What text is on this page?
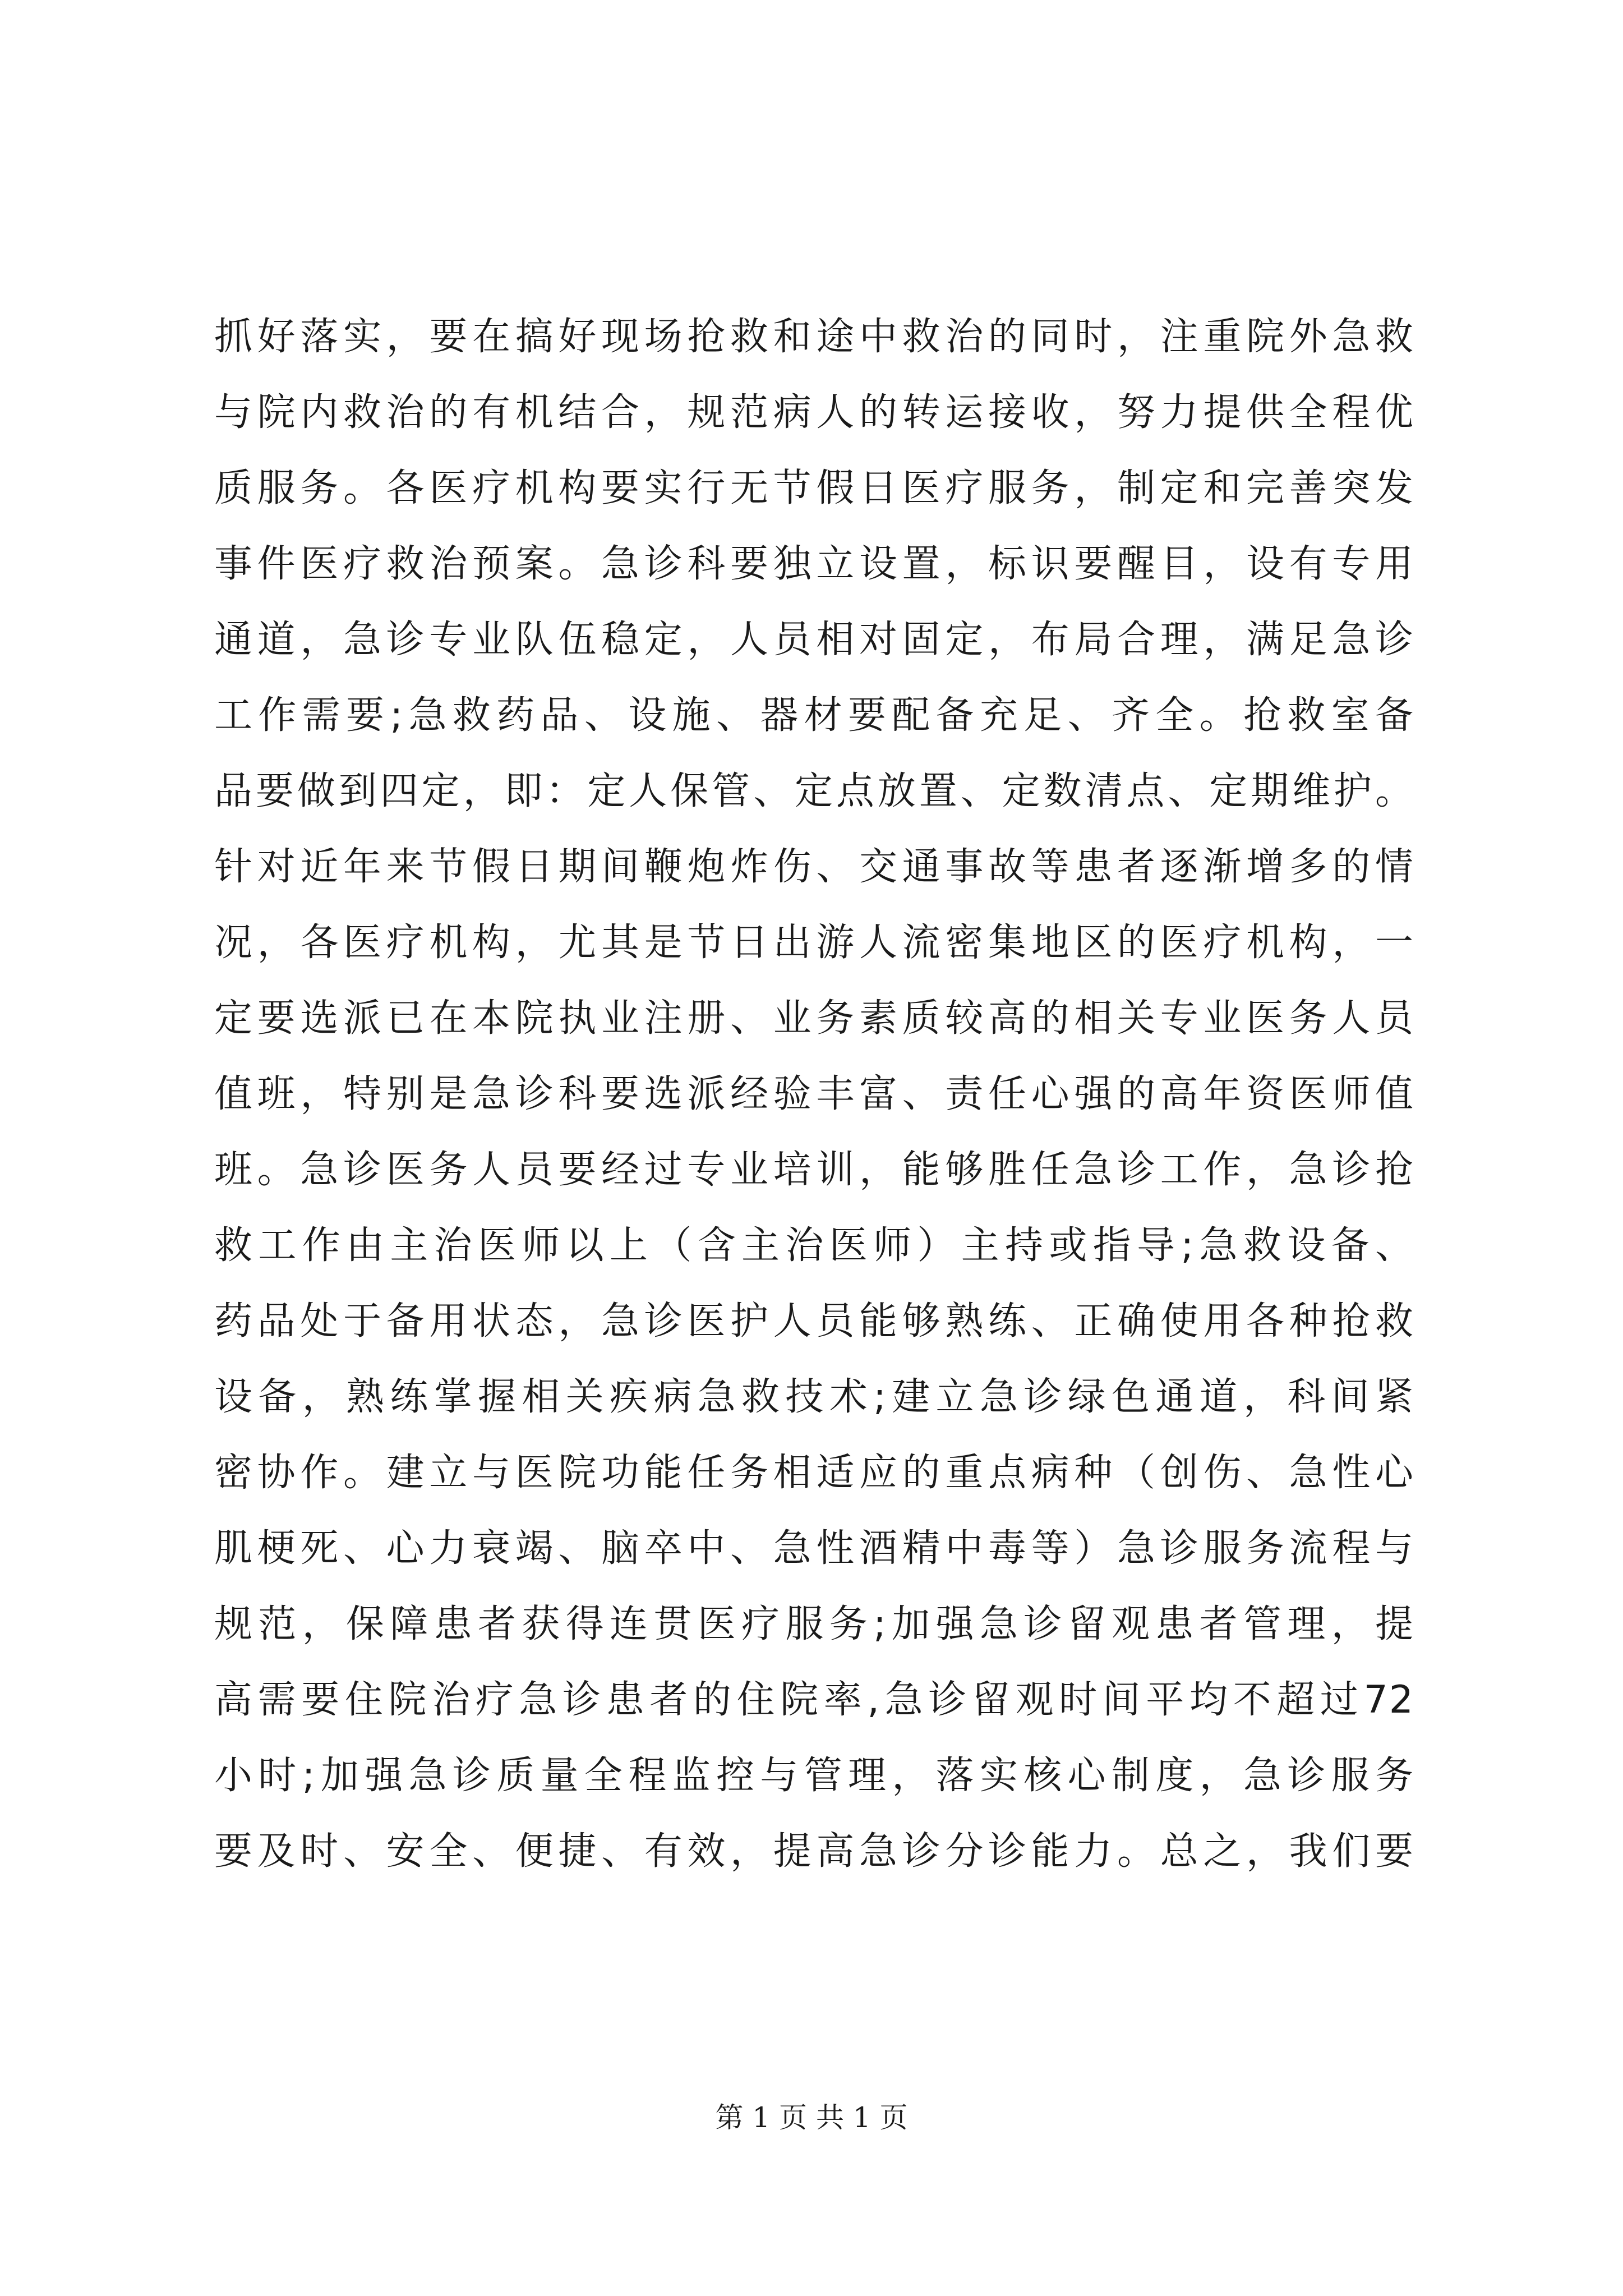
抓好落实，要在搞好现场抢救和途中救治的同时，注重院外急救
与院内救治的有机结合，规范病人的转运接收，努力提供全程优
质服务。各医疗机构要实行无节假日医疗服务，制定和完善突发
事件医疗救治预案。急诊科要独立设置，标识要醒目，设有专用
通道，急诊专业队伍稳定，人员相对固定，布局合理，满足急诊
工作需要;急救药品、设施、器材要配备充足、齐全。抢救室备
品要做到四定，即：定人保管、定点放置、定数清点、定期维护。
针对近年来节假日期间鞭炮炸伤、交通事故等患者逐渐增多的情
况，各医疗机构，尤其是节日出游人流密集地区的医疗机构，一
定要选派已在本院执业注册、业务素质较高的相关专业医务人员
值班，特别是急诊科要选派经验丰富、责任心强的高年资医师值
班。急诊医务人员要经过专业培训，能够胜任急诊工作，急诊抢
救工作由主治医师以上（含主治医师）主持或指导;急救设备、
药品处于备用状态，急诊医护人员能够熟练、正确使用各种抢救
设备，熟练掌握相关疾病急救技术;建立急诊绿色通道，科间紧
密协作。建立与医院功能任务相适应的重点病种（创伤、急性心
肌梗死、心力衰竭、脑卒中、急性酒精中毒等）急诊服务流程与
规范，保障患者获得连贯医疗服务;加强急诊留观患者管理，提
高需要住院治疗急诊患者的住院率,急诊留观时间平均不超过72
小时;加强急诊质量全程监控与管理，落实核心制度，急诊服务
要及时、安全、便捷、有效，提高急诊分诊能力。总之，我们要
第 1 页 共 1 页
